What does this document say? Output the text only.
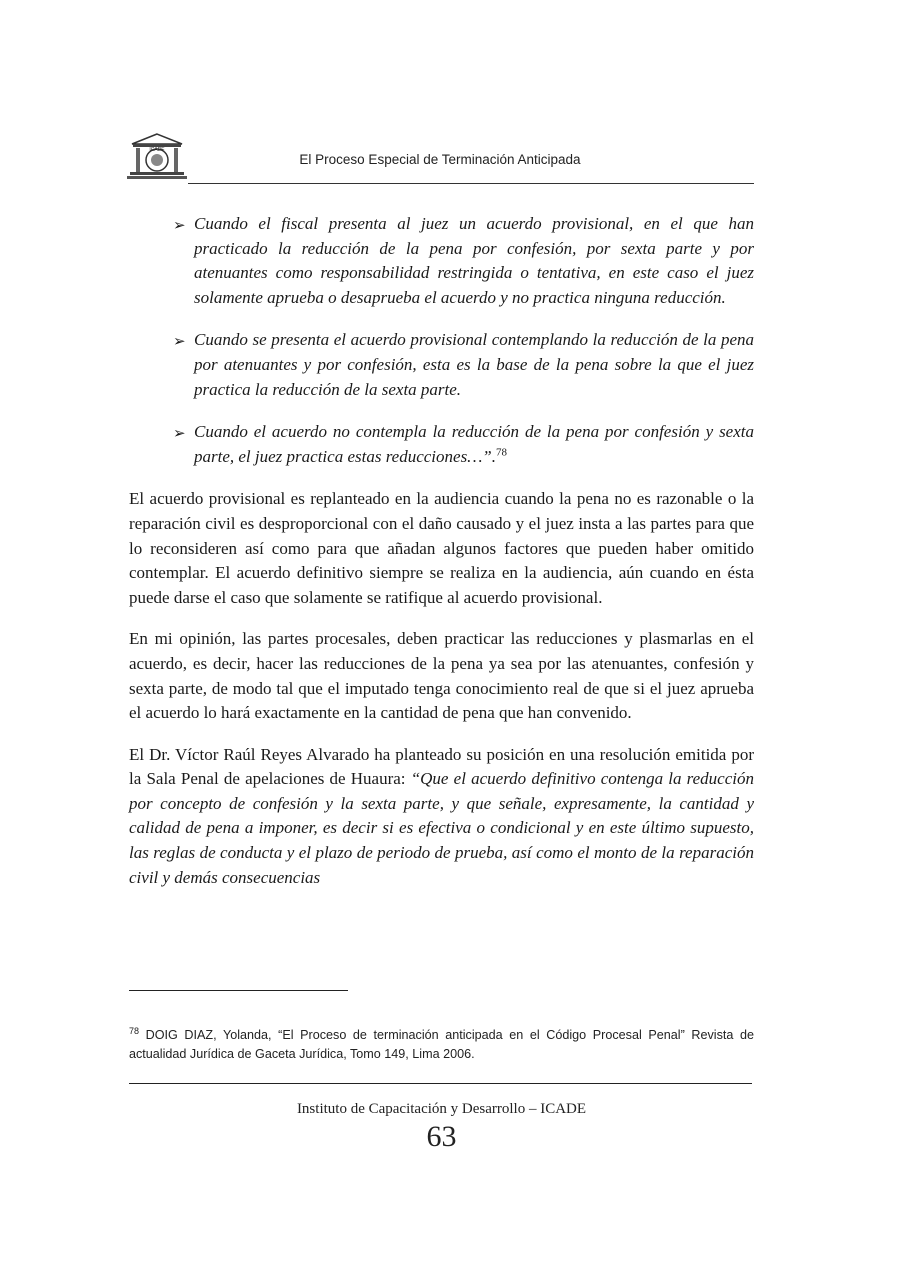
ICADE
El Proceso Especial de Terminación Anticipada
➢ Cuando el fiscal presenta al juez un acuerdo provisional, en el que han practicado la reducción de la pena por confesión, por sexta parte y por atenuantes como responsabilidad restringida o tentativa, en este caso el juez solamente aprueba o desaprueba el acuerdo y no practica ninguna reducción.
➢ Cuando se presenta el acuerdo provisional contemplando la reducción de la pena por atenuantes y por confesión, esta es la base de la pena sobre la que el juez practica la reducción de la sexta parte.
➢ Cuando el acuerdo no contempla la reducción de la pena por confesión y sexta parte, el juez practica estas reducciones…”.$^{78}$

El acuerdo provisional es replanteado en la audiencia cuando la pena no es razonable o la reparación civil es desproporcional con el daño causado y el juez insta a las partes para que lo reconsideren así como para que añadan algunos factores que pueden haber omitido contemplar. El acuerdo definitivo siempre se realiza en la audiencia, aún cuando en ésta puede darse el caso que solamente se ratifique al acuerdo provisional.

En mi opinión, las partes procesales, deben practicar las reducciones y plasmarlas en el acuerdo, es decir, hacer las reducciones de la pena ya sea por las atenuantes, confesión y sexta parte, de modo tal que el imputado tenga conocimiento real de que si el juez aprueba el acuerdo lo hará exactamente en la cantidad de pena que han convenido.

El Dr. Víctor Raúl Reyes Alvarado ha planteado su posición en una resolución emitida por la Sala Penal de apelaciones de Huaura: “Que el acuerdo definitivo contenga la reducción por concepto de confesión y la sexta parte, y que señale, expresamente, la cantidad y calidad de pena a imponer, es decir si es efectiva o condicional y en este último supuesto, las reglas de conducta y el plazo de periodo de prueba, así como el monto de la reparación civil y demás consecuencias

$^{78}$ DOIG DIAZ, Yolanda, “El Proceso de terminación anticipada en el Código Procesal Penal” Revista de actualidad Jurídica de Gaceta Jurídica, Tomo 149, Lima 2006.
Instituto de Capacitación y Desarrollo – ICADE
63
